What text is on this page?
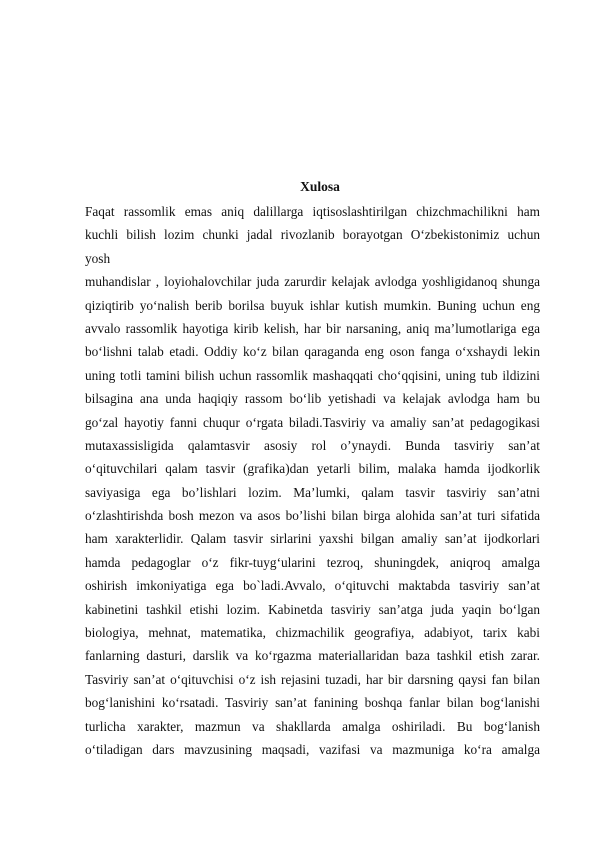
Xulosa
Faqat rassomlik emas aniq dalillarga iqtisoslashtirilgan chizchmachilikni ham
kuchli bilish lozim chunki jadal rivozlanib borayotgan O‘zbekistonimiz uchun
yosh
muhandislar , loyiohalovchilar juda zarurdir kelajak avlodga yoshligidanoq shunga
qiziqtirib yo‘nalish berib borilsa buyuk ishlar kutish mumkin. Buning uchun eng
avvalo rassomlik hayotiga kirib kelish, har bir narsaning, aniq ma’lumotlariga ega
bo‘lishni talab etadi. Oddiy ko‘z bilan qaraganda eng oson fanga o‘xshaydi lekin
uning totli tamini bilish uchun rassomlik mashaqqati cho‘qqisini, uning tub ildizini
bilsagina ana unda haqiqiy rassom bo‘lib yetishadi va kelajak avlodga ham bu
go‘zal hayotiy fanni chuqur o‘rgata biladi.Tasviriy va amaliy san’at pedagogikasi
mutaxassisligida qalamtasvir asosiy rol o’ynaydi. Bunda tasviriy san’at
o‘qituvchilari qalam tasvir (grafika)dan yetarli bilim, malaka hamda ijodkorlik
saviyasiga ega bo’lishlari lozim. Ma’lumki, qalam tasvir tasviriy san’atni
o‘zlashtirishda bosh mezon va asos bo’lishi bilan birga alohida san’at turi sifatida
ham xarakterlidir. Qalam tasvir sirlarini yaxshi bilgan amaliy san’at ijodkorlari
hamda pedagoglar o‘z fikr-tuyg‘ularini tezroq, shuningdek, aniqroq amalga
oshirish imkoniyatiga ega bo`ladi.Avvalo, o‘qituvchi maktabda tasviriy san’at
kabinetini tashkil etishi lozim. Kabinetda tasviriy san’atga juda yaqin bo‘lgan
biologiya, mehnat, matematika, chizmachilik geografiya, adabiyot, tarix kabi
fanlarning dasturi, darslik va ko‘rgazma materiallaridan baza tashkil etish zarar.
Tasviriy san’at o‘qituvchisi o‘z ish rejasini tuzadi, har bir darsning qaysi fan bilan
bog‘lanishini ko‘rsatadi. Tasviriy san’at fanining boshqa fanlar bilan bog‘lanishi
turlicha xarakter, mazmun va shakllarda amalga oshiriladi. Bu bog‘lanish
o‘tiladigan dars mavzusining maqsadi, vazifasi va mazmuniga ko‘ra amalga
